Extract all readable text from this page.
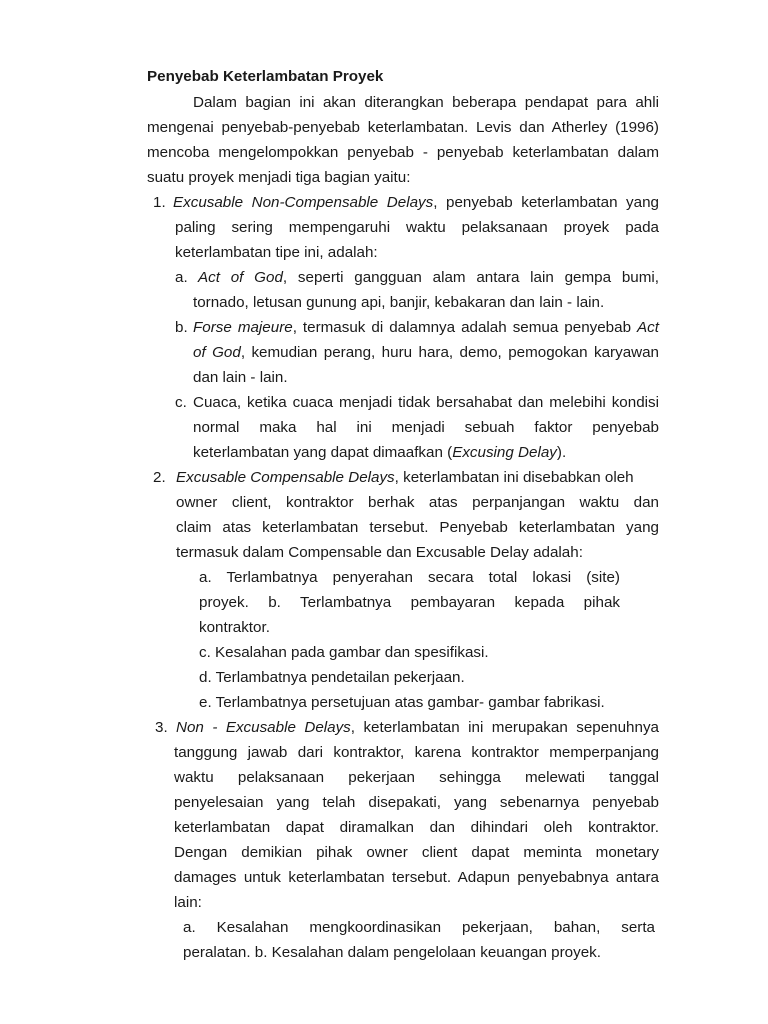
Penyebab Keterlambatan Proyek
Dalam bagian ini akan diterangkan beberapa pendapat para ahli
mengenai penyebab-penyebab keterlambatan. Levis dan Atherley (1996)
mencoba mengelompokkan penyebab - penyebab keterlambatan dalam
suatu proyek menjadi tiga bagian yaitu:
1. Excusable Non-Compensable Delays, penyebab keterlambatan yang
paling sering mempengaruhi waktu pelaksanaan proyek pada
keterlambatan tipe ini, adalah:
a. Act of God, seperti gangguan alam antara lain gempa bumi,
tornado, letusan gunung api, banjir, kebakaran dan lain - lain.
b. Forse majeure, termasuk di dalamnya adalah semua penyebab Act
of God, kemudian perang, huru hara, demo, pemogokan karyawan
dan lain - lain.
c. Cuaca, ketika cuaca menjadi tidak bersahabat dan melebihi kondisi
normal maka hal ini menjadi sebuah faktor penyebab
keterlambatan yang dapat dimaafkan (Excusing Delay).
2. Excusable Compensable Delays, keterlambatan ini disebabkan oleh
owner client, kontraktor berhak atas perpanjangan waktu dan
claim atas keterlambatan tersebut. Penyebab keterlambatan yang
termasuk dalam Compensable dan Excusable Delay adalah:
a. Terlambatnya penyerahan secara total lokasi (site)
proyek. b. Terlambatnya pembayaran kepada pihak
kontraktor.
c. Kesalahan pada gambar dan spesifikasi.
d. Terlambatnya pendetailan pekerjaan.
e. Terlambatnya persetujuan atas gambar- gambar fabrikasi.
3. Non - Excusable Delays, keterlambatan ini merupakan sepenuhnya
tanggung jawab dari kontraktor, karena kontraktor memperpanjang
waktu pelaksanaan pekerjaan sehingga melewati tanggal
penyelesaian yang telah disepakati, yang sebenarnya penyebab
keterlambatan dapat diramalkan dan dihindari oleh kontraktor.
Dengan demikian pihak owner client dapat meminta monetary
damages untuk keterlambatan tersebut. Adapun penyebabnya antara
lain:
a. Kesalahan mengkoordinasikan pekerjaan, bahan, serta
peralatan. b. Kesalahan dalam pengelolaan keuangan proyek.
